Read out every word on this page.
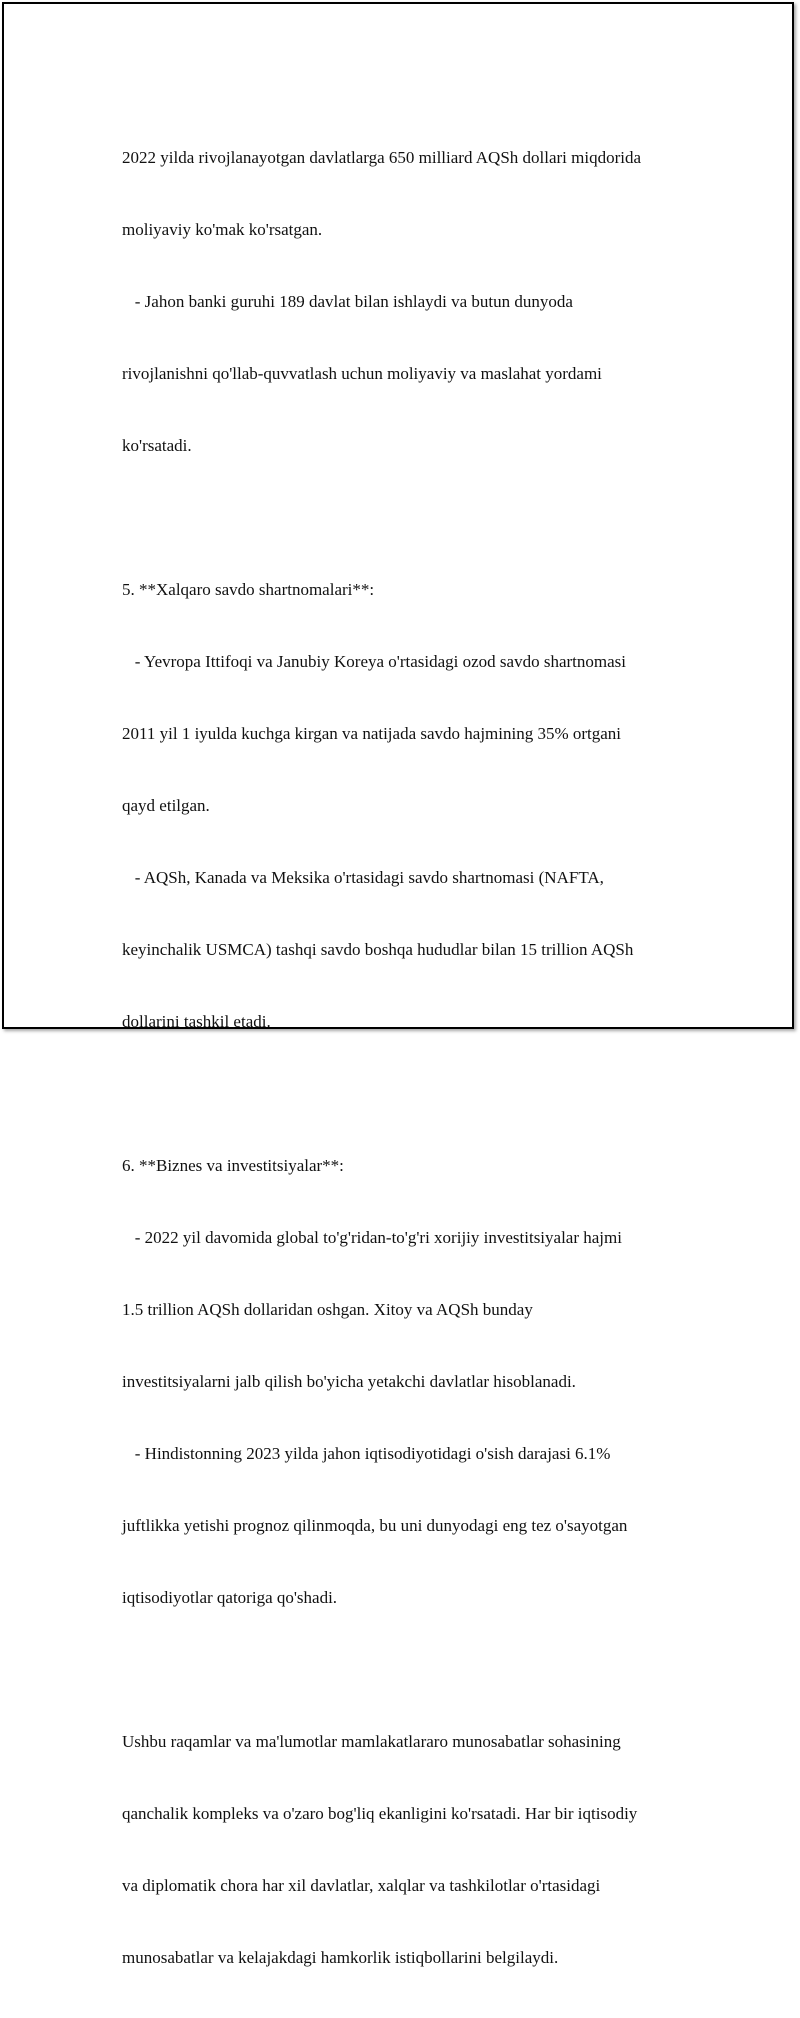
2022 yilda rivojlanayotgan davlatlarga 650 milliard AQSh dollari miqdorida

moliyaviy ko'mak ko'rsatgan.

- Jahon banki guruhi 189 davlat bilan ishlaydi va butun dunyoda

rivojlanishni qo'llab-quvvatlash uchun moliyaviy va maslahat yordami

ko'rsatadi.

5. **Xalqaro savdo shartnomalari**:

- Yevropa Ittifoqi va Janubiy Koreya o'rtasidagi ozod savdo shartnomasi

2011 yil 1 iyulda kuchga kirgan va natijada savdo hajmining 35% ortgani

qayd etilgan.

- AQSh, Kanada va Meksika o'rtasidagi savdo shartnomasi (NAFTA,

keyinchalik USMCA) tashqi savdo boshqa hududlar bilan 15 trillion AQSh

dollarini tashkil etadi.

6. **Biznes va investitsiyalar**:

- 2022 yil davomida global to'g'ridan-to'g'ri xorijiy investitsiyalar hajmi

1.5 trillion AQSh dollaridan oshgan. Xitoy va AQSh bunday

investitsiyalarni jalb qilish bo'yicha yetakchi davlatlar hisoblanadi.

- Hindistonning 2023 yilda jahon iqtisodiyotidagi o'sish darajasi 6.1%

juftlikka yetishi prognoz qilinmoqda, bu uni dunyodagi eng tez o'sayotgan

iqtisodiyotlar qatoriga qo'shadi.

Ushbu raqamlar va ma'lumotlar mamlakatlararo munosabatlar sohasining

qanchalik kompleks va o'zaro bog'liq ekanligini ko'rsatadi. Har bir iqtisodiy

va diplomatik chora har xil davlatlar, xalqlar va tashkilotlar o'rtasidagi

munosabatlar va kelajakdagi hamkorlik istiqbollarini belgilaydi.
